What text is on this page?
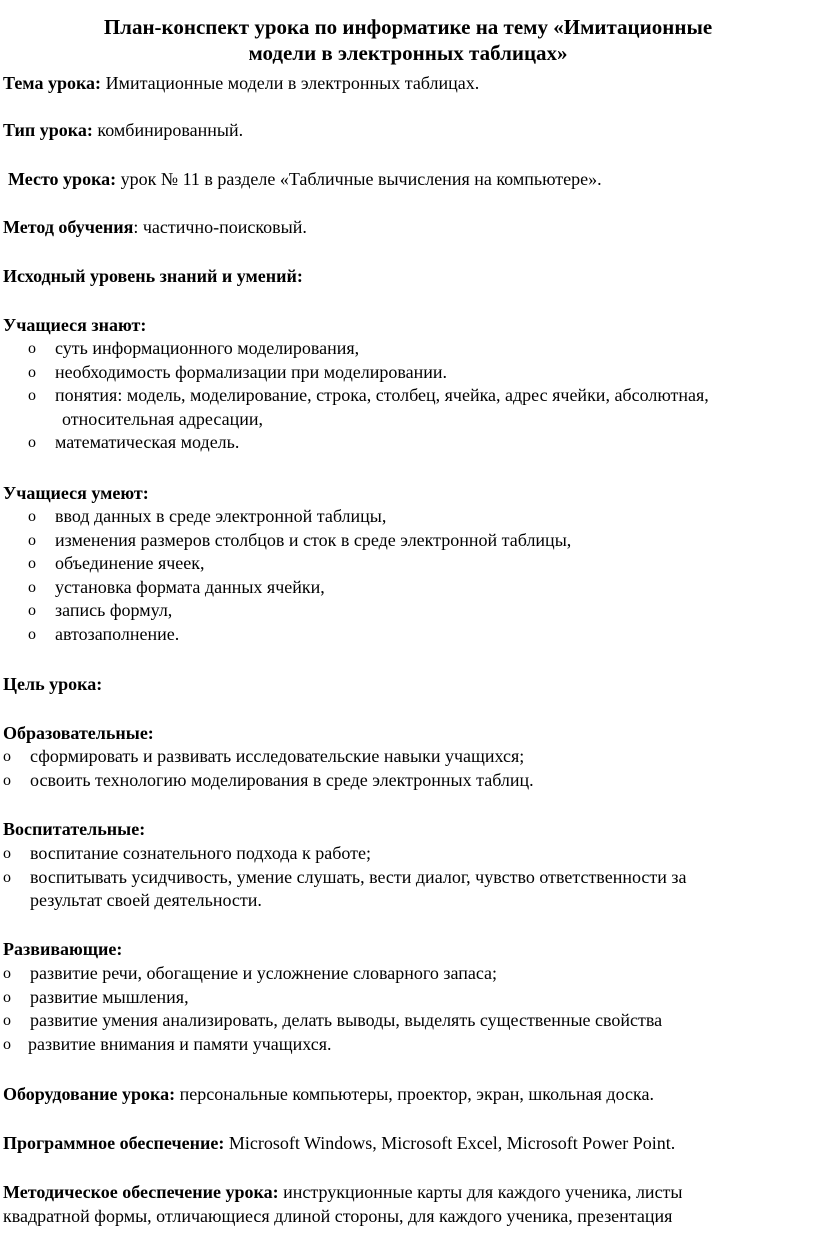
План-конспект урока по информатике на тему «Имитационные
модели в электронных таблицах»
Тема урока: Имитационные модели в электронных таблицах.
Тип урока: комбинированный.
Место урока: урок № 11 в разделе «Табличные вычисления на компьютере».
Метод обучения: частично-поисковый.
Исходный уровень знаний и умений:
Учащиеся знают:
o суть информационного моделирования,
o необходимость формализации при моделировании.
o понятия: модель, моделирование, строка, столбец, ячейка, адрес ячейки, абсолютная,
относительная адресации,
o математическая модель.
Учащиеся умеют:
o ввод данных в среде электронной таблицы,
o изменения размеров столбцов и сток в среде электронной таблицы,
o объединение ячеек,
o установка формата данных ячейки,
o запись формул,
o автозаполнение.
Цель урока:
Образовательные:
o сформировать и развивать исследовательские навыки учащихся;
o освоить технологию моделирования в среде электронных таблиц.
Воспитательные:
o воспитание сознательного подхода к работе;
o воспитывать усидчивость, умение слушать, вести диалог, чувство ответственности за
результат своей деятельности.
Развивающие:
o развитие речи, обогащение и усложнение словарного запаса;
o развитие мышления,
o развитие умения анализировать, делать выводы, выделять существенные свойства
o развитие внимания и памяти учащихся.
Оборудование урока: персональные компьютеры, проектор, экран, школьная доска.
Программное обеспечение: Microsoft Windows, Microsoft Excel, Microsoft Power Point.
Методическое обеспечение урока: инструкционные карты для каждого ученика, листы
квадратной формы, отличающиеся длиной стороны, для каждого ученика, презентация
